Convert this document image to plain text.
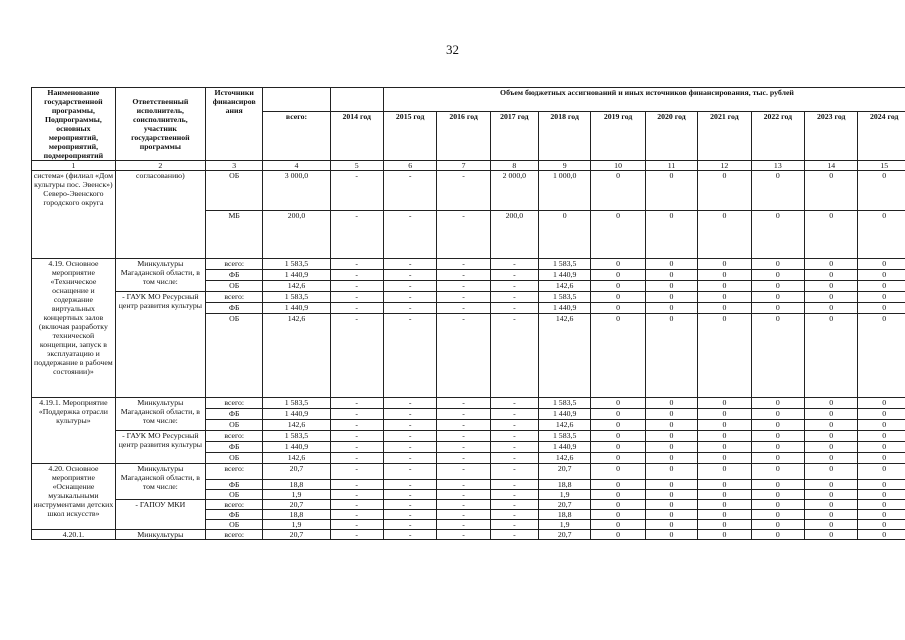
32
Наименование государственной программы, Подпрограммы, основных мероприятий, мероприятий, подмероприятий	Ответственный исполнитель, соисполнитель, участник государственной программы	Источники финансиров ания			Объем бюджетных ассигнований и иных источников финансирования, тыс. рублей									
			всего:	2014 год	2015 год	2016 год	2017 год	2018 год	2019 год	2020 год	2021 год	2022 год	2023 год	2024 год
1	2	3	4	5	6	7	8	9	10	11	12	13	14	15
система» (филиал «Дом культуры пос. Эвенск») Северо-Эвенского городского округа	согласованию)	ОБ	3 000,0	-	-	-	2 000,0	1 000,0	0	0	0	0	0	0
		МБ	200,0	-	-	-	200,0	0	0	0	0	0	0	0
4.19. Основное мероприятие «Техническое оснащение и содержание виртуальных концертных залов (включая разработку технической концепции, запуск в эксплуатацию и поддержание в рабочем состоянии)»	Минкультуры Магаданской области, в том числе:	всего:	1 583,5	-	-	-	-	1 583,5	0	0	0	0	0	0
		ФБ	1 440,9	-	-	-	-	1 440,9	0	0	0	0	0	0
		ОБ	142,6	-	-	-	-	142,6	0	0	0	0	0	0
	- ГАУК МО Ресурсный центр развития культуры	всего:	1 583,5	-	-	-	-	1 583,5	0	0	0	0	0	0
		ФБ	1 440,9	-	-	-	-	1 440,9	0	0	0	0	0	0
		ОБ	142,6	-	-	-	-	142,6	0	0	0	0	0	0
4.19.1. Мероприятие «Поддержка отрасли культуры»	Минкультуры Магаданской области, в том числе:	всего:	1 583,5	-	-	-	-	1 583,5	0	0	0	0	0	0
		ФБ	1 440,9	-	-	-	-	1 440,9	0	0	0	0	0	0
		ОБ	142,6	-	-	-	-	142,6	0	0	0	0	0	0
	- ГАУК МО Ресурсный центр развития культуры	всего:	1 583,5	-	-	-	-	1 583,5	0	0	0	0	0	0
		ФБ	1 440,9	-	-	-	-	1 440,9	0	0	0	0	0	0
		ОБ	142,6	-	-	-	-	142,6	0	0	0	0	0	0
4.20. Основное мероприятие «Оснащение музыкальными инструментами детских школ искусств»	Минкультуры Магаданской области, в том числе:	всего:	20,7	-	-	-	-	20,7	0	0	0	0	0	0
		ФБ	18,8	-	-	-	-	18,8	0	0	0	0	0	0
		ОБ	1,9	-	-	-	-	1,9	0	0	0	0	0	0
	- ГАПОУ МКИ	всего:	20,7	-	-	-	-	20,7	0	0	0	0	0	0
		ФБ	18,8	-	-	-	-	18,8	0	0	0	0	0	0
		ОБ	1,9	-	-	-	-	1,9	0	0	0	0	0	0
4.20.1.	Минкультуры	всего:	20,7	-	-	-	-	20,7	0	0	0	0	0	0
